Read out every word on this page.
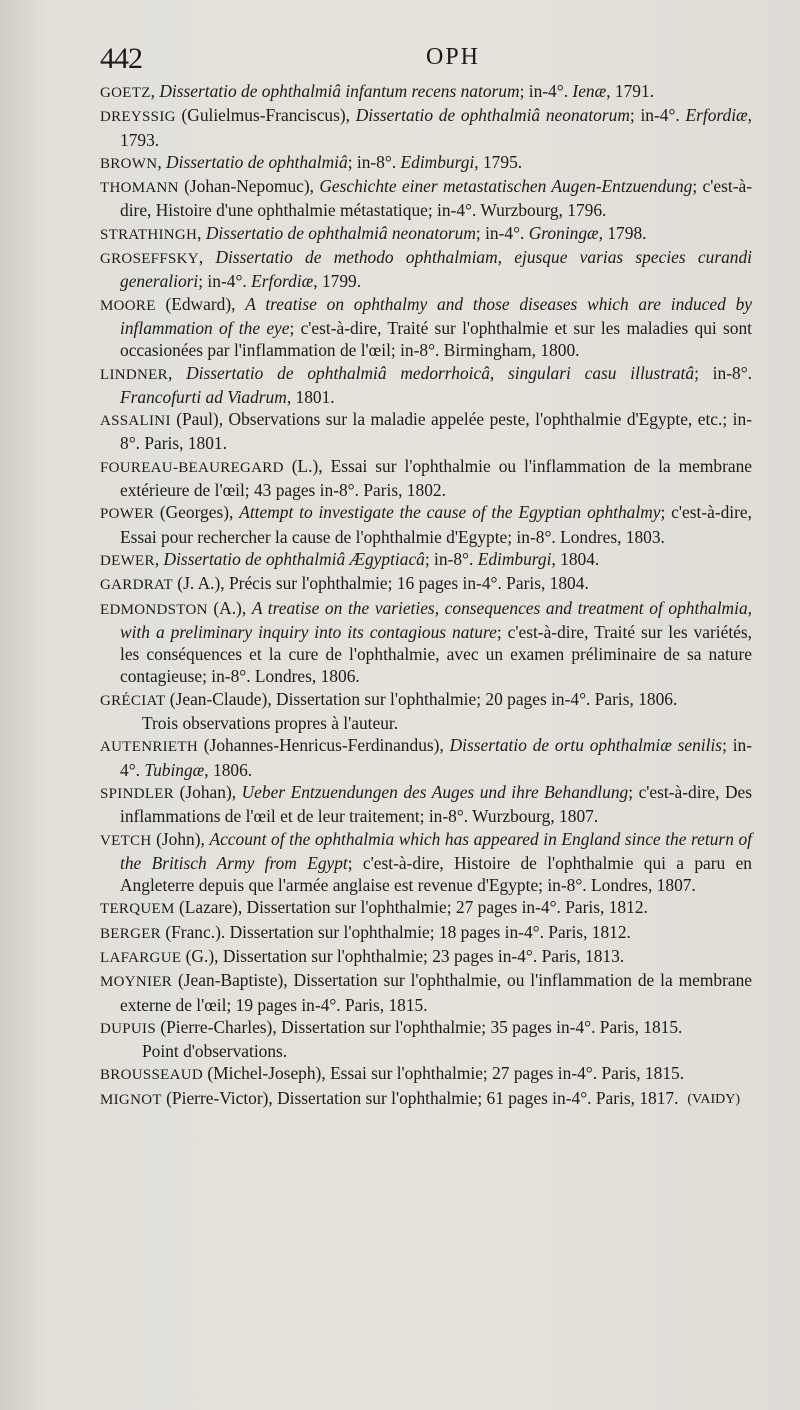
442	OPH
GOETZ, Dissertatio de ophthalmiâ infantum recens natorum; in-4°. Ienæ, 1791.
DREYSSIG (Gulielmus-Franciscus), Dissertatio de ophthalmiâ neonatorum; in-4°. Erfordiæ, 1793.
BROWN, Dissertatio de ophthalmiâ; in-8°. Edimburgi, 1795.
THOMANN (Johan-Nepomuc), Geschichte einer metastatischen Augen-Entzuendung; c'est-à-dire, Histoire d'une ophthalmie métastatique; in-4°. Wurzbourg, 1796.
STRATHINGH, Dissertatio de ophthalmiâ neonatorum; in-4°. Groningæ, 1798.
GROSEFFSKY, Dissertatio de methodo ophthalmiam, ejusque varias species curandi generaliori; in-4°. Erfordiæ, 1799.
MOORE (Edward), A treatise on ophthalmy and those diseases which are induced by inflammation of the eye; c'est-à-dire, Traité sur l'ophthalmie et sur les maladies qui sont occasionées par l'inflammation de l'œil; in-8°. Birmingham, 1800.
LINDNER, Dissertatio de ophthalmiâ medorrhoicâ, singulari casu illustratâ; in-8°. Francofurti ad Viadrum, 1801.
ASSALINI (Paul), Observations sur la maladie appelée peste, l'ophthalmie d'Egypte, etc.; in-8°. Paris, 1801.
FOUREAU-BEAUREGARD (L.), Essai sur l'ophthalmie ou l'inflammation de la membrane extérieure de l'œil; 43 pages in-8°. Paris, 1802.
POWER (Georges), Attempt to investigate the cause of the Egyptian ophthalmy; c'est-à-dire, Essai pour rechercher la cause de l'ophthalmie d'Egypte; in-8°. Londres, 1803.
DEWER, Dissertatio de ophthalmiâ Ægyptiacâ; in-8°. Edimburgi, 1804.
GARDRAT (J. A.), Précis sur l'ophthalmie; 16 pages in-4°. Paris, 1804.
EDMONDSTON (A.), A treatise on the varieties, consequences and treatment of ophthalmia, with a preliminary inquiry into its contagious nature; c'est-à-dire, Traité sur les variétés, les conséquences et la cure de l'ophthalmie, avec un examen préliminaire de sa nature contagieuse; in-8°. Londres, 1806.
GRÉCIAT (Jean-Claude), Dissertation sur l'ophthalmie; 20 pages in-4°. Paris, 1806.
Trois observations propres à l'auteur.
AUTENRIETH (Johannes-Henricus-Ferdinandus), Dissertatio de ortu ophthalmiæ senilis; in-4°. Tubingæ, 1806.
SPINDLER (Johan), Ueber Entzuendungen des Auges und ihre Behandlung; c'est-à-dire, Des inflammations de l'œil et de leur traitement; in-8°. Wurzbourg, 1807.
VETCH (John), Account of the ophthalmia which has appeared in England since the return of the Britisch Army from Egypt; c'est-à-dire, Histoire de l'ophthalmie qui a paru en Angleterre depuis que l'armée anglaise est revenue d'Egypte; in-8°. Londres, 1807.
TERQUEM (Lazare), Dissertation sur l'ophthalmie; 27 pages in-4°. Paris, 1812.
BERGER (Franc.). Dissertation sur l'ophthalmie; 18 pages in-4°. Paris, 1812.
LAFARGUE (G.), Dissertation sur l'ophthalmie; 23 pages in-4°. Paris, 1813.
MOYNIER (Jean-Baptiste), Dissertation sur l'ophthalmie, ou l'inflammation de la membrane externe de l'œil; 19 pages in-4°. Paris, 1815.
DUPUIS (Pierre-Charles), Dissertation sur l'ophthalmie; 35 pages in-4°. Paris, 1815.
Point d'observations.
BROUSSEAUD (Michel-Joseph), Essai sur l'ophthalmie; 27 pages in-4°. Paris, 1815.
MIGNOT (Pierre-Victor), Dissertation sur l'ophthalmie; 61 pages in-4°. Paris, 1817. (VAIDY)
